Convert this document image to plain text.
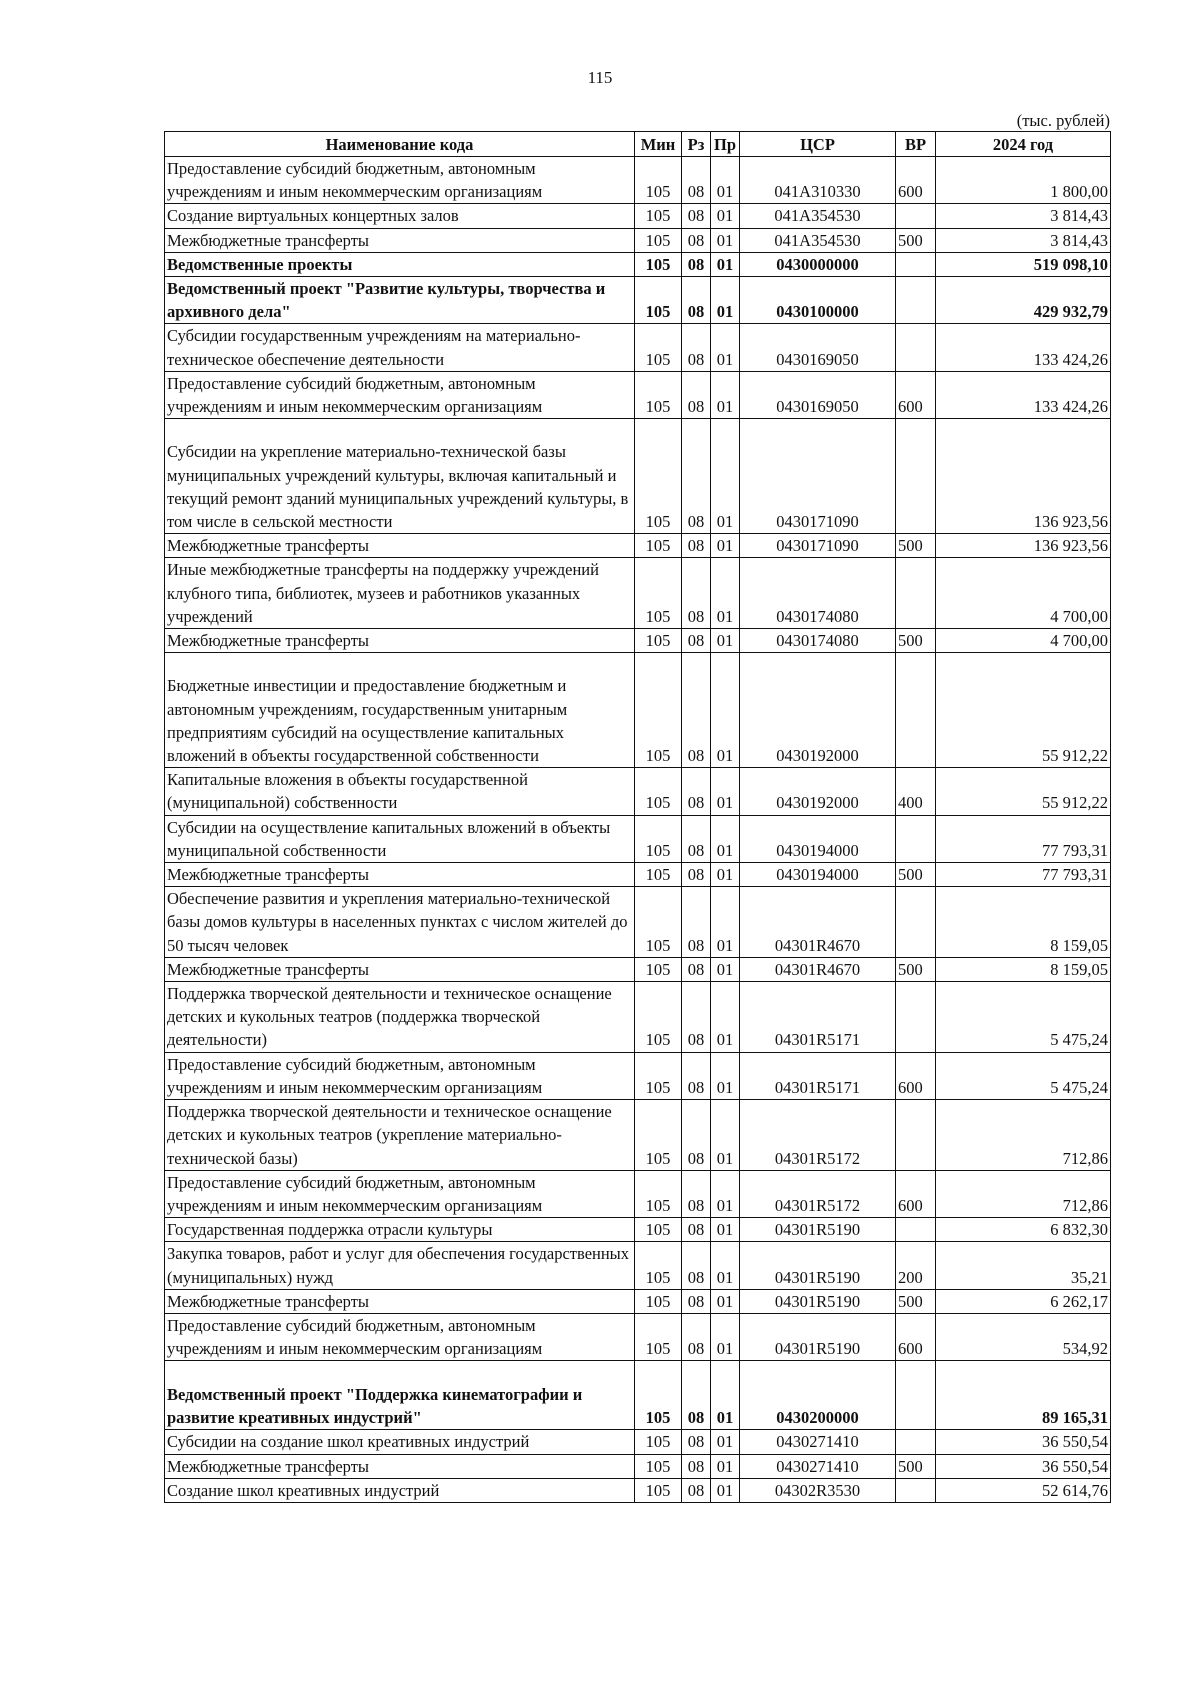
115
(тыс. рублей)
Наименование кода	Мин	Рз	Пр	ЦСР	ВР	2024 год
Предоставление субсидий бюджетным, автономным учреждениям и иным некоммерческим организациям	105	08	01	041A310330	600	1 800,00
Создание виртуальных концертных залов	105	08	01	041A354530		3 814,43
Межбюджетные трансферты	105	08	01	041A354530	500	3 814,43
Ведомственные проекты	105	08	01	0430000000		519 098,10
Ведомственный проект "Развитие культуры, творчества и архивного дела"	105	08	01	0430100000		429 932,79
Субсидии государственным учреждениям на материально-техническое обеспечение деятельности	105	08	01	0430169050		133 424,26
Предоставление субсидий бюджетным, автономным учреждениям и иным некоммерческим организациям	105	08	01	0430169050	600	133 424,26
Субсидии на укрепление материально-технической базы муниципальных учреждений культуры, включая капитальный и текущий ремонт зданий муниципальных учреждений культуры, в том числе в сельской местности	105	08	01	0430171090		136 923,56
Межбюджетные трансферты	105	08	01	0430171090	500	136 923,56
Иные межбюджетные трансферты на поддержку учреждений клубного типа, библиотек, музеев и работников указанных учреждений	105	08	01	0430174080		4 700,00
Межбюджетные трансферты	105	08	01	0430174080	500	4 700,00
Бюджетные инвестиции и предоставление бюджетным и автономным учреждениям, государственным унитарным предприятиям субсидий на осуществление капитальных вложений в объекты государственной собственности	105	08	01	0430192000		55 912,22
Капитальные вложения в объекты государственной (муниципальной) собственности	105	08	01	0430192000	400	55 912,22
Субсидии на осуществление капитальных вложений в объекты муниципальной собственности	105	08	01	0430194000		77 793,31
Межбюджетные трансферты	105	08	01	0430194000	500	77 793,31
Обеспечение развития и укрепления материально-технической базы домов культуры в населенных пунктах с числом жителей до 50 тысяч человек	105	08	01	04301R4670		8 159,05
Межбюджетные трансферты	105	08	01	04301R4670	500	8 159,05
Поддержка творческой деятельности и техническое оснащение детских и кукольных театров (поддержка творческой деятельности)	105	08	01	04301R5171		5 475,24
Предоставление субсидий бюджетным, автономным учреждениям и иным некоммерческим организациям	105	08	01	04301R5171	600	5 475,24
Поддержка творческой деятельности и техническое оснащение детских и кукольных театров (укрепление материально-технической базы)	105	08	01	04301R5172		712,86
Предоставление субсидий бюджетным, автономным учреждениям и иным некоммерческим организациям	105	08	01	04301R5172	600	712,86
Государственная поддержка отрасли культуры	105	08	01	04301R5190		6 832,30
Закупка товаров, работ и услуг для обеспечения государственных (муниципальных) нужд	105	08	01	04301R5190	200	35,21
Межбюджетные трансферты	105	08	01	04301R5190	500	6 262,17
Предоставление субсидий бюджетным, автономным учреждениям и иным некоммерческим организациям	105	08	01	04301R5190	600	534,92
Ведомственный проект "Поддержка кинематографии и развитие креативных индустрий"	105	08	01	0430200000		89 165,31
Субсидии на создание школ креативных индустрий	105	08	01	0430271410		36 550,54
Межбюджетные трансферты	105	08	01	0430271410	500	36 550,54
Создание школ креативных индустрий	105	08	01	04302R3530		52 614,76
